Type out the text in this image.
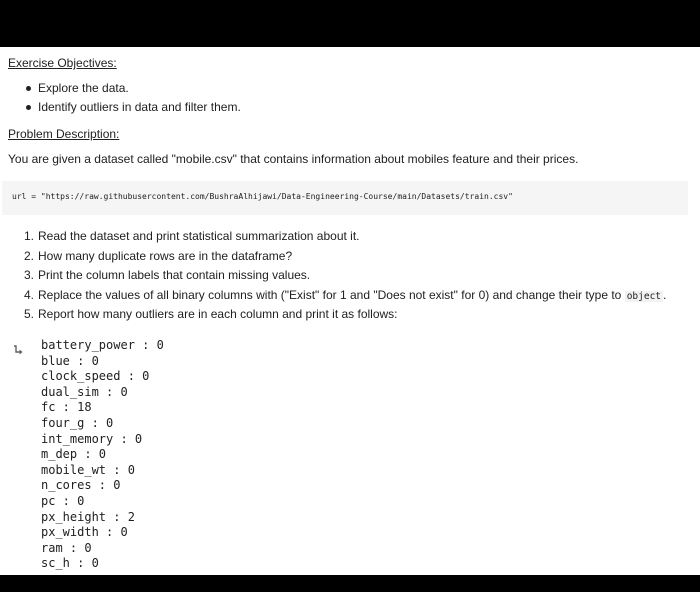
Exercise Objectives:
Explore the data.
Identify outliers in data and filter them.
Problem Description:
You are given a dataset called "mobile.csv" that contains information about mobiles feature and their prices.
url = "https://raw.githubusercontent.com/BushraAlhijawi/Data-Engineering-Course/main/Datasets/train.csv"
1. Read the dataset and print statistical summarization about it.
2. How many duplicate rows are in the dataframe?
3. Print the column labels that contain missing values.
4. Replace the values of all binary columns with ("Exist" for 1 and "Does not exist" for 0) and change their type to object .
5. Report how many outliers are in each column and print it as follows:
battery_power : 0
blue : 0
clock_speed : 0
dual_sim : 0
fc : 18
four_g : 0
int_memory : 0
m_dep : 0
mobile_wt : 0
n_cores : 0
pc : 0
px_height : 2
px_width : 0
ram : 0
sc_h : 0
